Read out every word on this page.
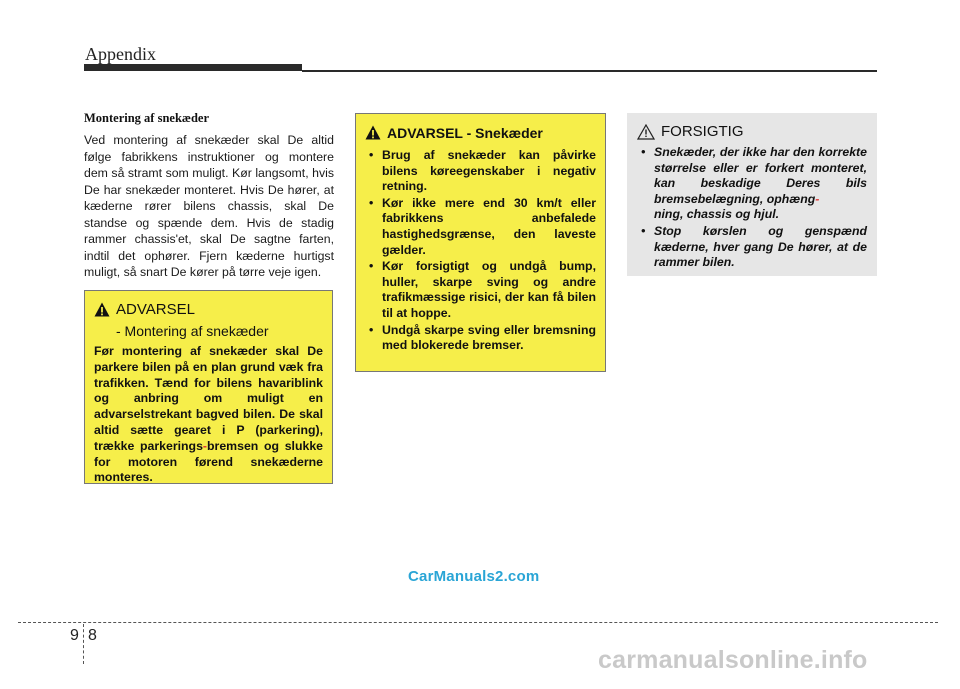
Appendix

Montering af snekæder

Ved montering af snekæder skal De altid følge fabrikkens instruktioner og montere dem så stramt som muligt. Kør langsomt, hvis De har snekæder monteret. Hvis De hører, at kæderne rører bilens chassis, skal De standse og spænde dem. Hvis de stadig rammer chassis'et, skal De sagtne farten, indtil det ophører. Fjern kæderne hurtigst muligt, så snart De kører på tørre veje igen.

ADVARSEL

- Montering af snekæder

Før montering af snekæder skal De parkere bilen på en plan grund væk fra trafikken. Tænd for bilens havariblink og anbring om muligt en advarselstrekant bagved bilen. De skal altid sætte gearet i P (parkering), trække parkerings-bremsen og slukke for motoren førend snekæderne monteres.

ADVARSEL - Snekæder
• Brug af snekæder kan påvirke bilens køreegenskaber i negativ retning.
• Kør ikke mere end 30 km/t eller fabrikkens anbefalede hastighedsgrænse, den laveste gælder.
• Kør forsigtigt og undgå bump, huller, skarpe sving og andre trafikmæssige risici, der kan få bilen til at hoppe.
• Undgå skarpe sving eller bremsning med blokerede bremser.
FORSIGTIG
• Snekæder, der ikke har den korrekte størrelse eller er forkert monteret, kan beskadige Deres bils bremsebelægning, ophæng-
ning, chassis og hjul.
• Stop kørslen og genspænd kæderne, hver gang De hører, at de rammer bilen.
CarManuals2.com
9 8
carmanualsonline.info
